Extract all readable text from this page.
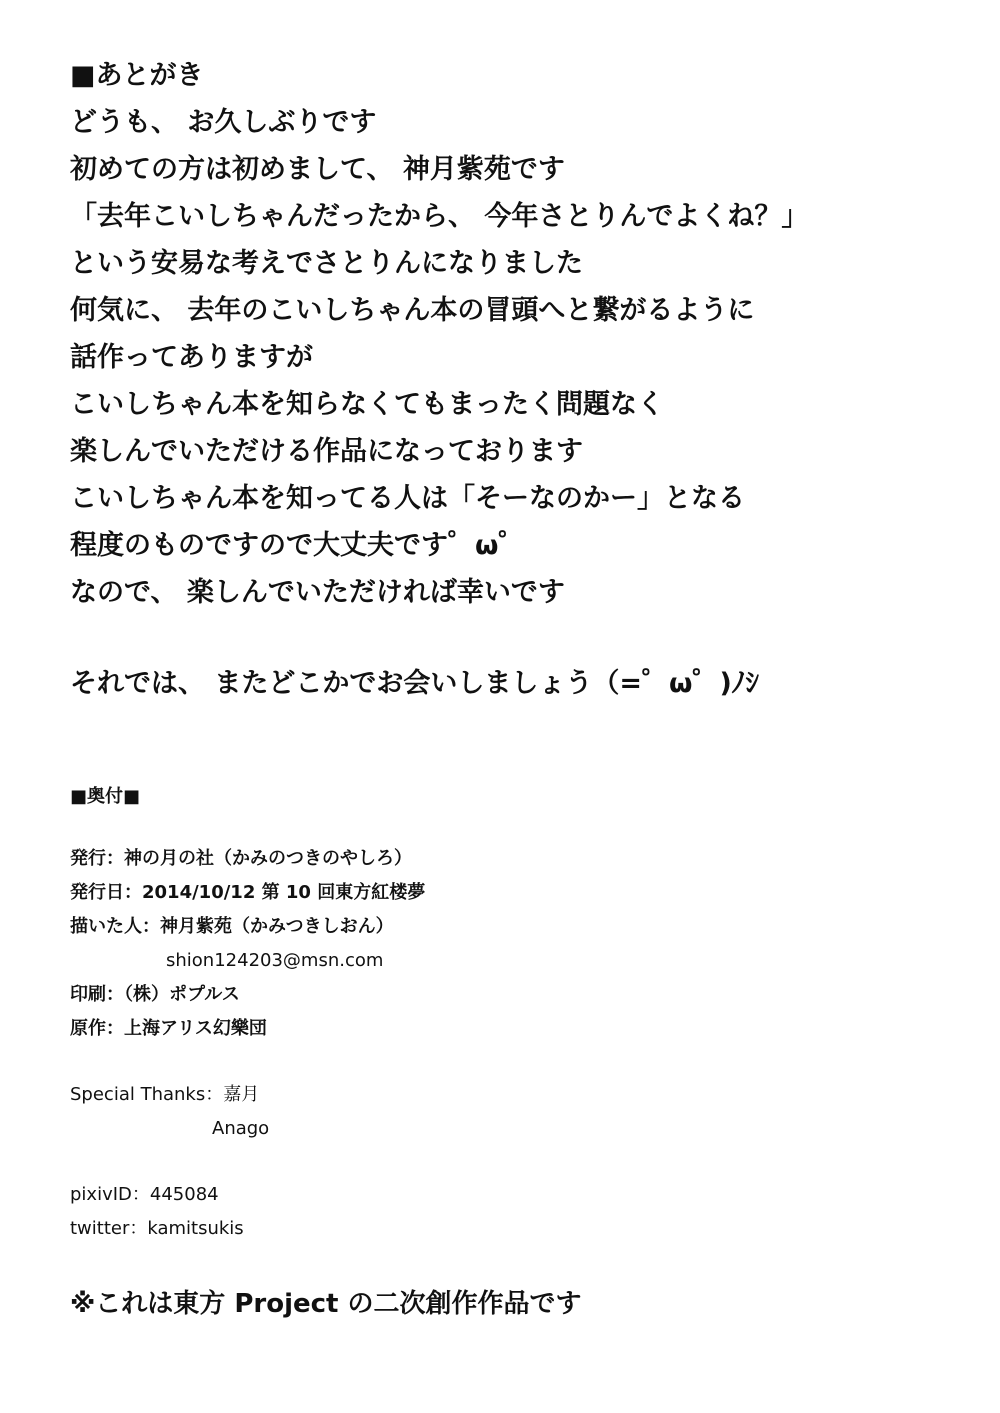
■あとがき
どうも、 お久しぶりです
初めての方は初めまして、 神月紫苑です
「去年こいしちゃんだったから、 今年さとりんでよくね？」
という安易な考えでさとりんになりました
何気に、 去年のこいしちゃん本の冒頭へと繋がるように
話作ってありますが
こいしちゃん本を知らなくてもまったく問題なく
楽しんでいただける作品になっております
こいしちゃん本を知ってる人は「そーなのかー」となる
程度のものですので大丈夫です゜ω゜
なので、 楽しんでいただければ幸いです
それでは、 またどこかでお会いしましょう（=゜ω゜)ﾉｼ
■奥付■
発行：神の月の社（かみのつきのやしろ）
発行日：2014/10/12 第 10 回東方紅楼夢
描いた人：神月紫苑（かみつきしおん）
shion124203@msn.com
印刷：（株）ポプルス
原作：上海アリス幻樂団
Special Thanks：嘉月
Anago
pixivID：445084
twitter：kamitsukis
※これは東方 Project の二次創作作品です
